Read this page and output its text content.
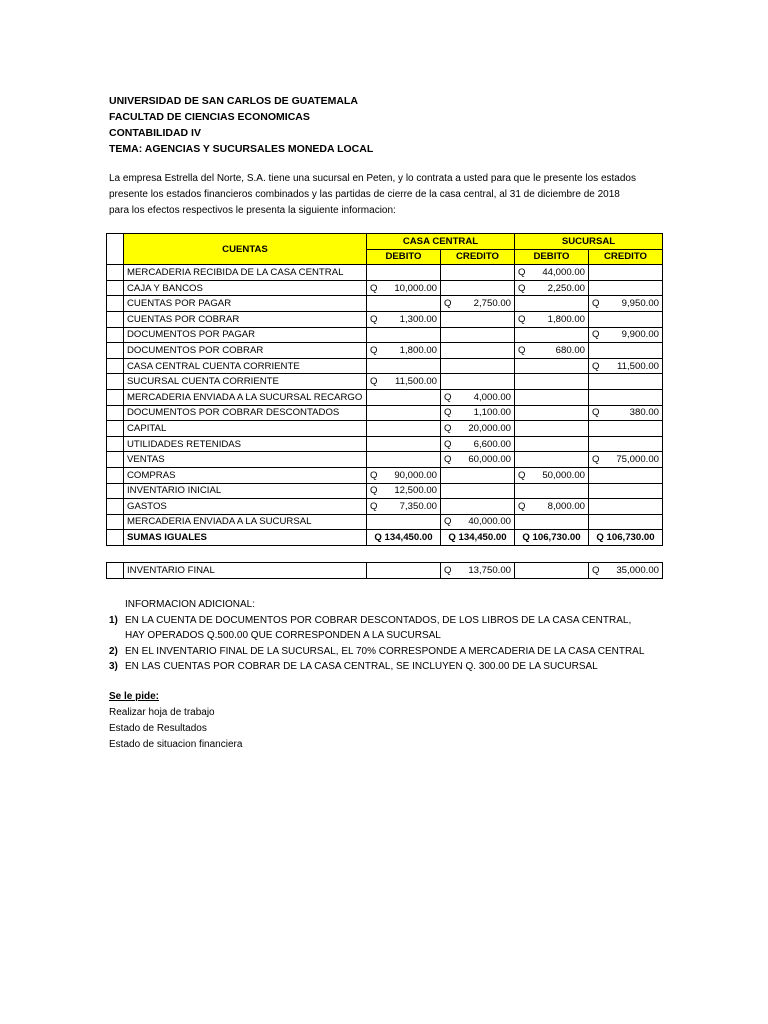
UNIVERSIDAD DE SAN CARLOS DE GUATEMALA
FACULTAD DE CIENCIAS ECONOMICAS
CONTABILIDAD IV
TEMA: AGENCIAS Y SUCURSALES MONEDA LOCAL
La empresa Estrella del Norte, S.A. tiene una sucursal en Peten, y lo contrata a usted para que le presente los estados
presente los estados financieros combinados y las partidas de cierre de la casa central, al 31 de diciembre de 2018
para los efectos respectivos le presenta la siguiente informacion:
	CUENTAS	CASA CENTRAL		SUCURSAL	
		DEBITO	CREDITO	DEBITO	CREDITO
	MERCADERIA RECIBIDA DE LA CASA CENTRAL			Q 44,000.00	

	CAJA Y BANCOS	Q 10,000.00		Q 2,250.00	

	CUENTAS POR PAGAR		Q 2,750.00		Q 9,950.00

	CUENTAS POR COBRAR	Q 1,300.00		Q 1,800.00	

	DOCUMENTOS POR PAGAR				Q 9,900.00

	DOCUMENTOS POR COBRAR	Q 1,800.00		Q 680.00	

	CASA CENTRAL CUENTA CORRIENTE				Q 11,500.00

	SUCURSAL CUENTA CORRIENTE	Q 11,500.00			

	MERCADERIA ENVIADA A LA SUCURSAL RECARGO		Q 4,000.00		

	DOCUMENTOS POR COBRAR DESCONTADOS		Q 1,100.00		Q 380.00

	CAPITAL		Q 20,000.00		

	UTILIDADES RETENIDAS		Q 6,600.00		

	VENTAS		Q 60,000.00		Q 75,000.00

	COMPRAS	Q 90,000.00		Q 50,000.00	

	INVENTARIO INICIAL	Q 12,500.00			

	GASTOS	Q 7,350.00		Q 8,000.00	

	MERCADERIA ENVIADA A LA SUCURSAL		Q 40,000.00		

	SUMAS IGUALES	Q 134,450.00	Q 134,450.00	Q 106,730.00	Q 106,730.00
	INVENTARIO FINAL		Q	13,750.00		Q	35,000.00
INFORMACION ADICIONAL:
1) EN LA CUENTA DE DOCUMENTOS POR COBRAR DESCONTADOS, DE LOS LIBROS DE LA CASA CENTRAL,
HAY OPERADOS Q.500.00 QUE CORRESPONDEN A LA SUCURSAL
2) EN EL INVENTARIO FINAL DE LA SUCURSAL, EL 70% CORRESPONDE A MERCADERIA DE LA CASA CENTRAL
3) EN LAS CUENTAS POR COBRAR DE LA CASA CENTRAL, SE INCLUYEN Q. 300.00 DE LA SUCURSAL
Se le pide:
Realizar hoja de trabajo
Estado de Resultados
Estado de situacion financiera
